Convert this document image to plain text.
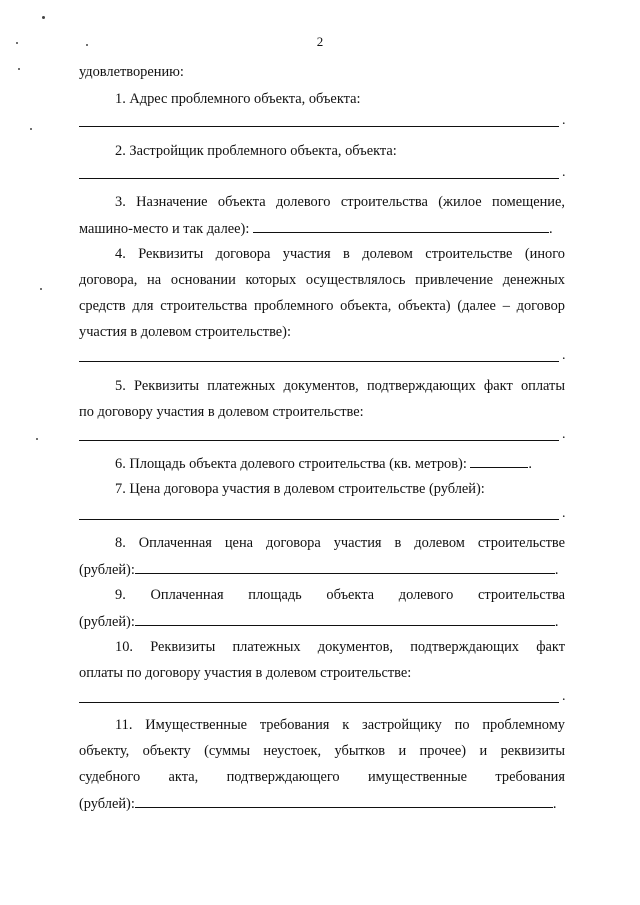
2
удовлетворению:
1. Адрес проблемного объекта, объекта:
.
2. Застройщик проблемного объекта, объекта:
.
3. Назначение объекта долевого строительства (жилое помещение,
машино-место и так далее):	.
4. Реквизиты договора участия в долевом строительстве (иного
договора, на основании которых осуществлялось привлечение денежных
средств для строительства проблемного объекта, объекта) (далее – договор
участия в долевом строительстве):
.
5. Реквизиты платежных документов, подтверждающих факт оплаты
по договору участия в долевом строительстве:
.
6. Площадь объекта долевого строительства (кв. метров):	.
7. Цена договора участия в долевом строительстве (рублей):
.
8. Оплаченная цена договора участия в долевом строительстве
(рублей):	.
9. Оплаченная площадь объекта долевого строительства
(рублей):	.
10. Реквизиты платежных документов, подтверждающих факт
оплаты по договору участия в долевом строительстве:
.
11. Имущественные требования к застройщику по проблемному
объекту, объекту (суммы неустоек, убытков и прочее) и реквизиты
судебного акта, подтверждающего имущественные требования
(рублей):	.
